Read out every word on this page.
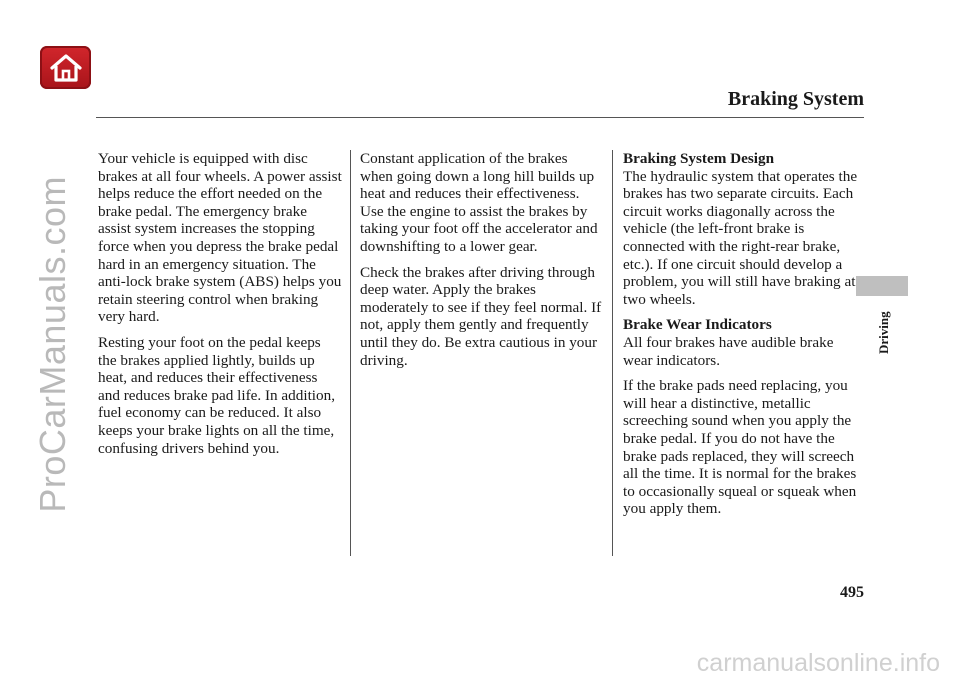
Braking System

Your vehicle is equipped with disc brakes at all four wheels. A power assist helps reduce the effort needed on the brake pedal. The emergency brake assist system increases the stopping force when you depress the brake pedal hard in an emergency situation. The anti-lock brake system (ABS) helps you retain steering control when braking very hard.

Resting your foot on the pedal keeps the brakes applied lightly, builds up heat, and reduces their effectiveness and reduces brake pad life. In addition, fuel economy can be reduced. It also keeps your brake lights on all the time, confusing drivers behind you.

Constant application of the brakes when going down a long hill builds up heat and reduces their effectiveness. Use the engine to assist the brakes by taking your foot off the accelerator and downshifting to a lower gear.

Check the brakes after driving through deep water. Apply the brakes moderately to see if they feel normal. If not, apply them gently and frequently until they do. Be extra cautious in your driving.

Braking System Design
The hydraulic system that operates the brakes has two separate circuits. Each circuit works diagonally across the vehicle (the left-front brake is connected with the right-rear brake, etc.). If one circuit should develop a problem, you will still have braking at two wheels.

Brake Wear Indicators
All four brakes have audible brake wear indicators.

If the brake pads need replacing, you will hear a distinctive, metallic screeching sound when you apply the brake pedal. If you do not have the brake pads replaced, they will screech all the time. It is normal for the brakes to occasionally squeal or squeak when you apply them.

Driving
495
ProCarManuals.com
carmanualsonline.info
